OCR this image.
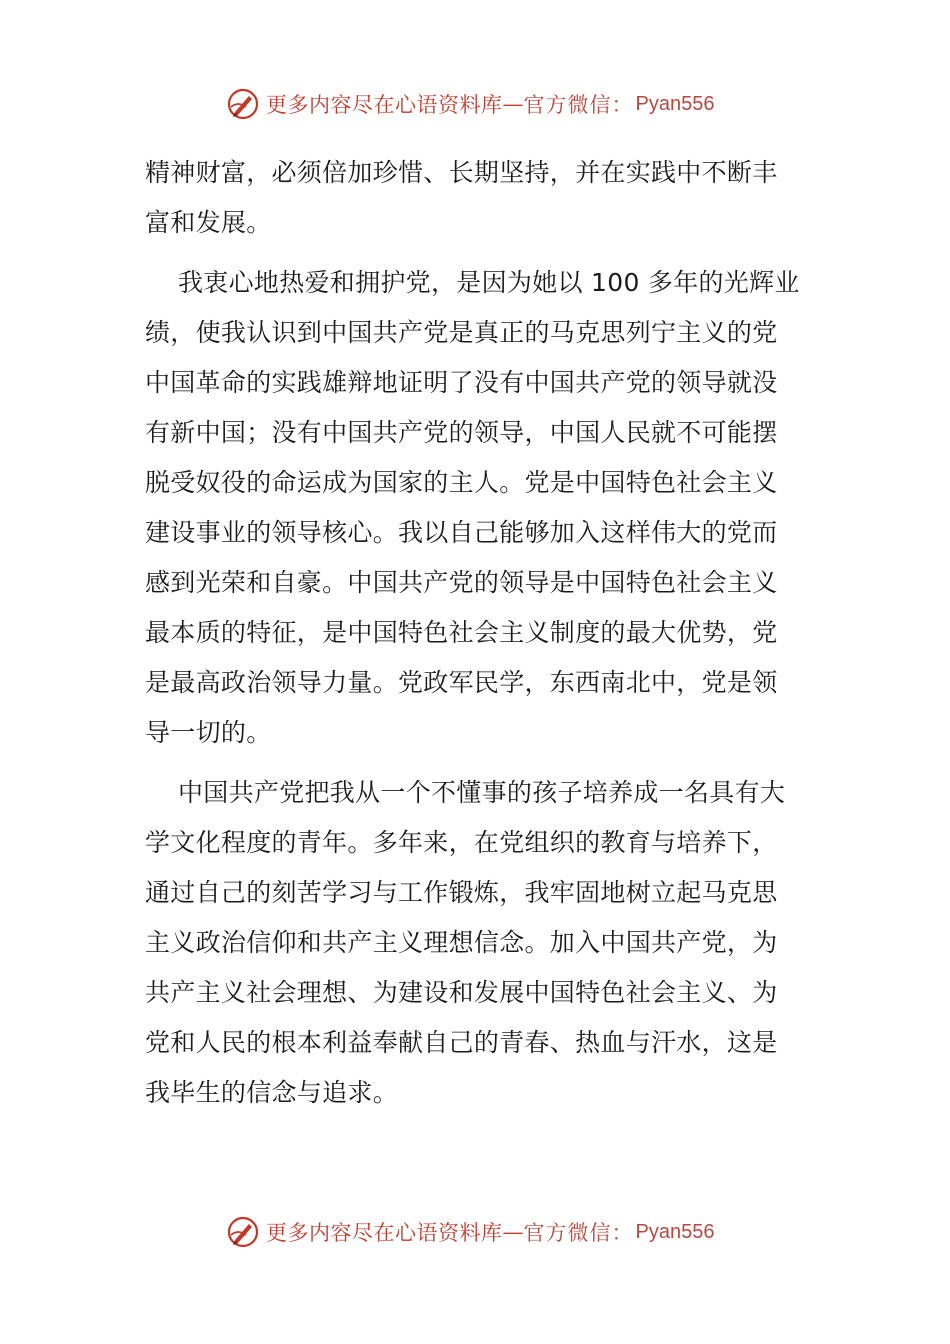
更多内容尽在心语资料库 — 官方微信： Pyan556
精神财富，必须倍加珍惜、长期坚持，并在实践中不断丰
富和发展。
我衷心地热爱和拥护党，是因为她以 100 多年的光辉业
绩，使我认识到中国共产党是真正的马克思列宁主义的党
中国革命的实践雄辩地证明了没有中国共产党的领导就没
有新中国；没有中国共产党的领导，中国人民就不可能摆
脱受奴役的命运成为国家的主人。党是中国特色社会主义
建设事业的领导核心。我以自己能够加入这样伟大的党而
感到光荣和自豪。中国共产党的领导是中国特色社会主义
最本质的特征，是中国特色社会主义制度的最大优势，党
是最高政治领导力量。党政军民学，东西南北中，党是领
导一切的。
中国共产党把我从一个不懂事的孩子培养成一名具有大
学文化程度的青年。多年来，在党组织的教育与培养下，
通过自己的刻苦学习与工作锻炼，我牢固地树立起马克思
主义政治信仰和共产主义理想信念。加入中国共产党，为
共产主义社会理想、为建设和发展中国特色社会主义、为
党和人民的根本利益奉献自己的青春、热血与汗水，这是
我毕生的信念与追求。
更多内容尽在心语资料库 — 官方微信： Pyan556
